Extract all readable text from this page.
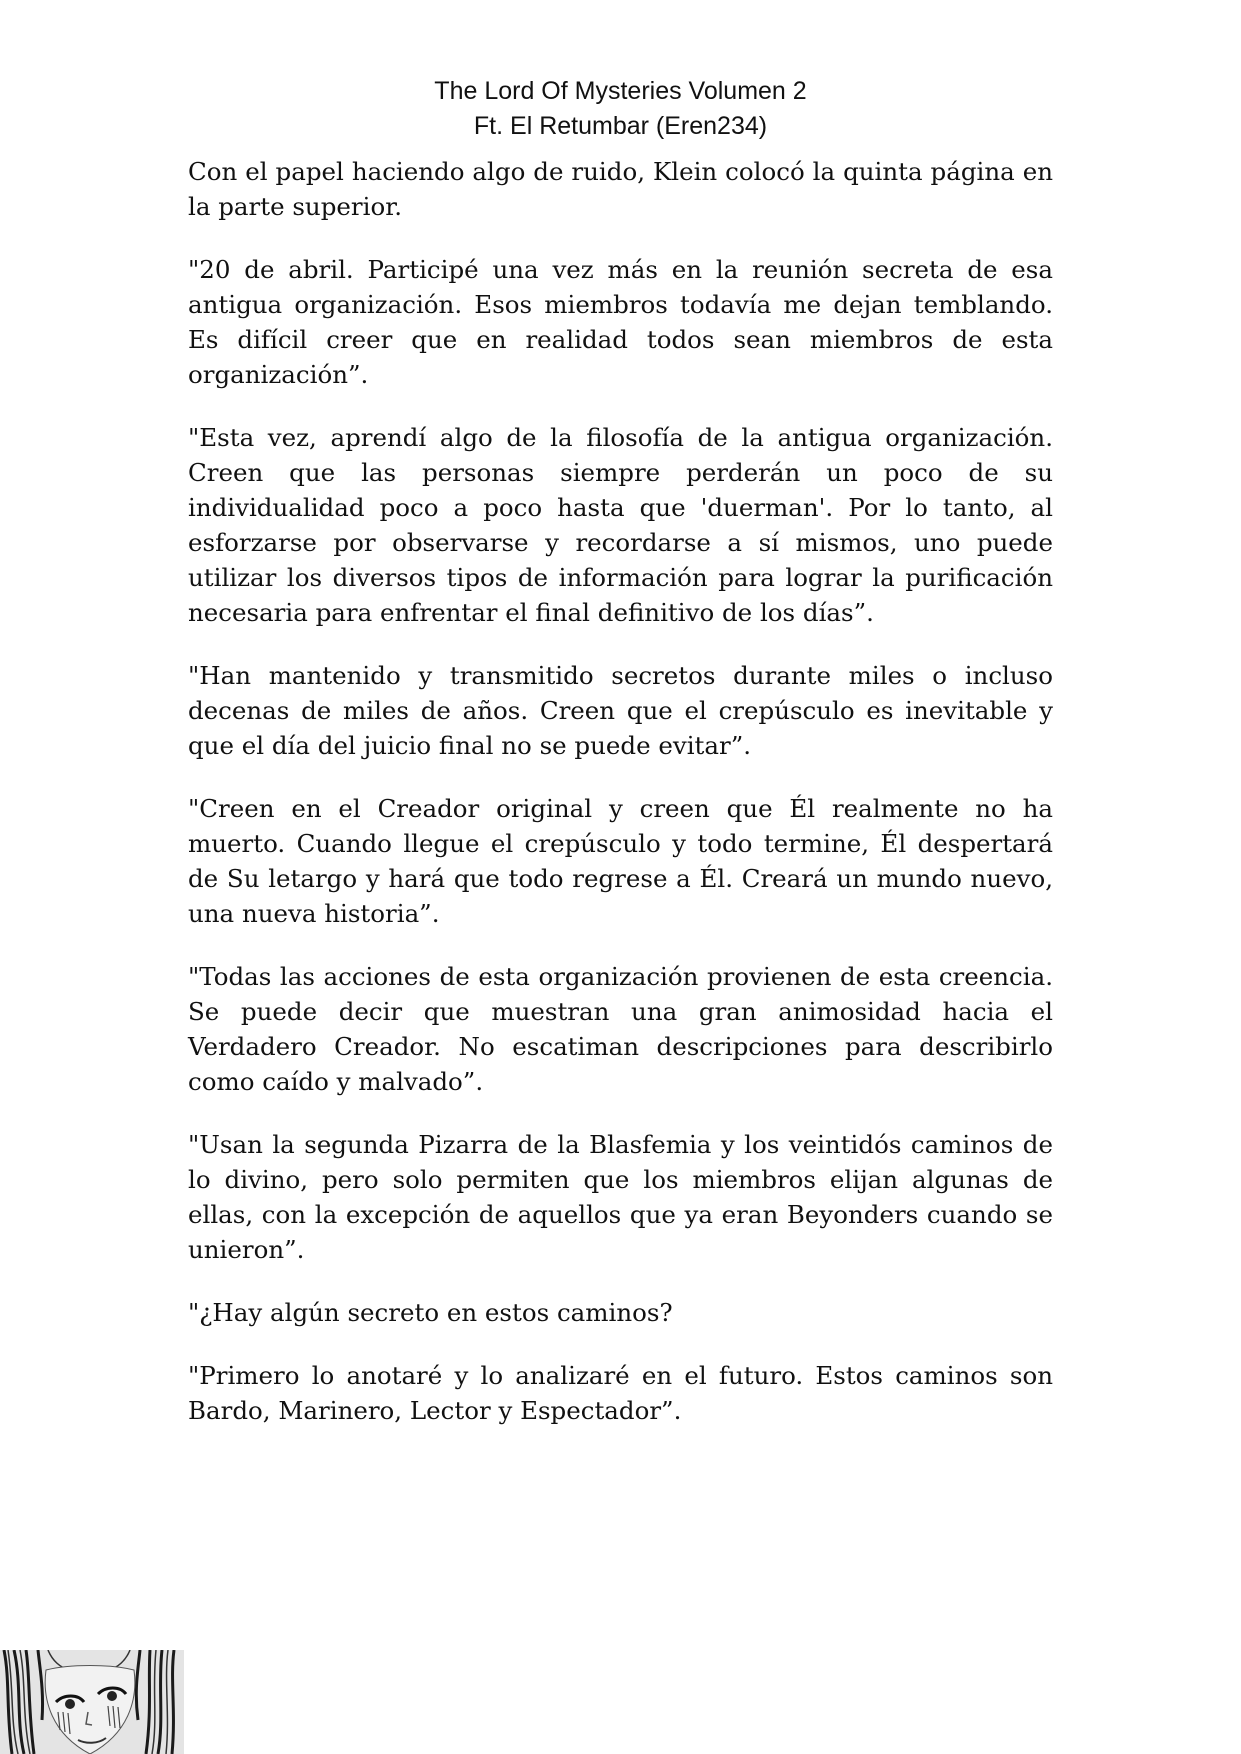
The Lord Of Mysteries Volumen 2
Ft. El Retumbar (Eren234)

Con el papel haciendo algo de ruido, Klein colocó la quinta página en la parte superior.

"20 de abril. Participé una vez más en la reunión secreta de esa antigua organización. Esos miembros todavía me dejan temblando. Es difícil creer que en realidad todos sean miembros de esta organización”.

"Esta vez, aprendí algo de la filosofía de la antigua organización. Creen que las personas siempre perderán un poco de su individualidad poco a poco hasta que 'duerman'. Por lo tanto, al esforzarse por observarse y recordarse a sí mismos, uno puede utilizar los diversos tipos de información para lograr la purificación necesaria para enfrentar el final definitivo de los días”.

"Han mantenido y transmitido secretos durante miles o incluso decenas de miles de años. Creen que el crepúsculo es inevitable y que el día del juicio final no se puede evitar”.

"Creen en el Creador original y creen que Él realmente no ha muerto. Cuando llegue el crepúsculo y todo termine, Él despertará de Su letargo y hará que todo regrese a Él. Creará un mundo nuevo, una nueva historia”.

"Todas las acciones de esta organización provienen de esta creencia. Se puede decir que muestran una gran animosidad hacia el Verdadero Creador. No escatiman descripciones para describirlo como caído y malvado”.

"Usan la segunda Pizarra de la Blasfemia y los veintidós caminos de lo divino, pero solo permiten que los miembros elijan algunas de ellas, con la excepción de aquellos que ya eran Beyonders cuando se unieron”.

"¿Hay algún secreto en estos caminos?

"Primero lo anotaré y lo analizaré en el futuro. Estos caminos son Bardo, Marinero, Lector y Espectador”.
